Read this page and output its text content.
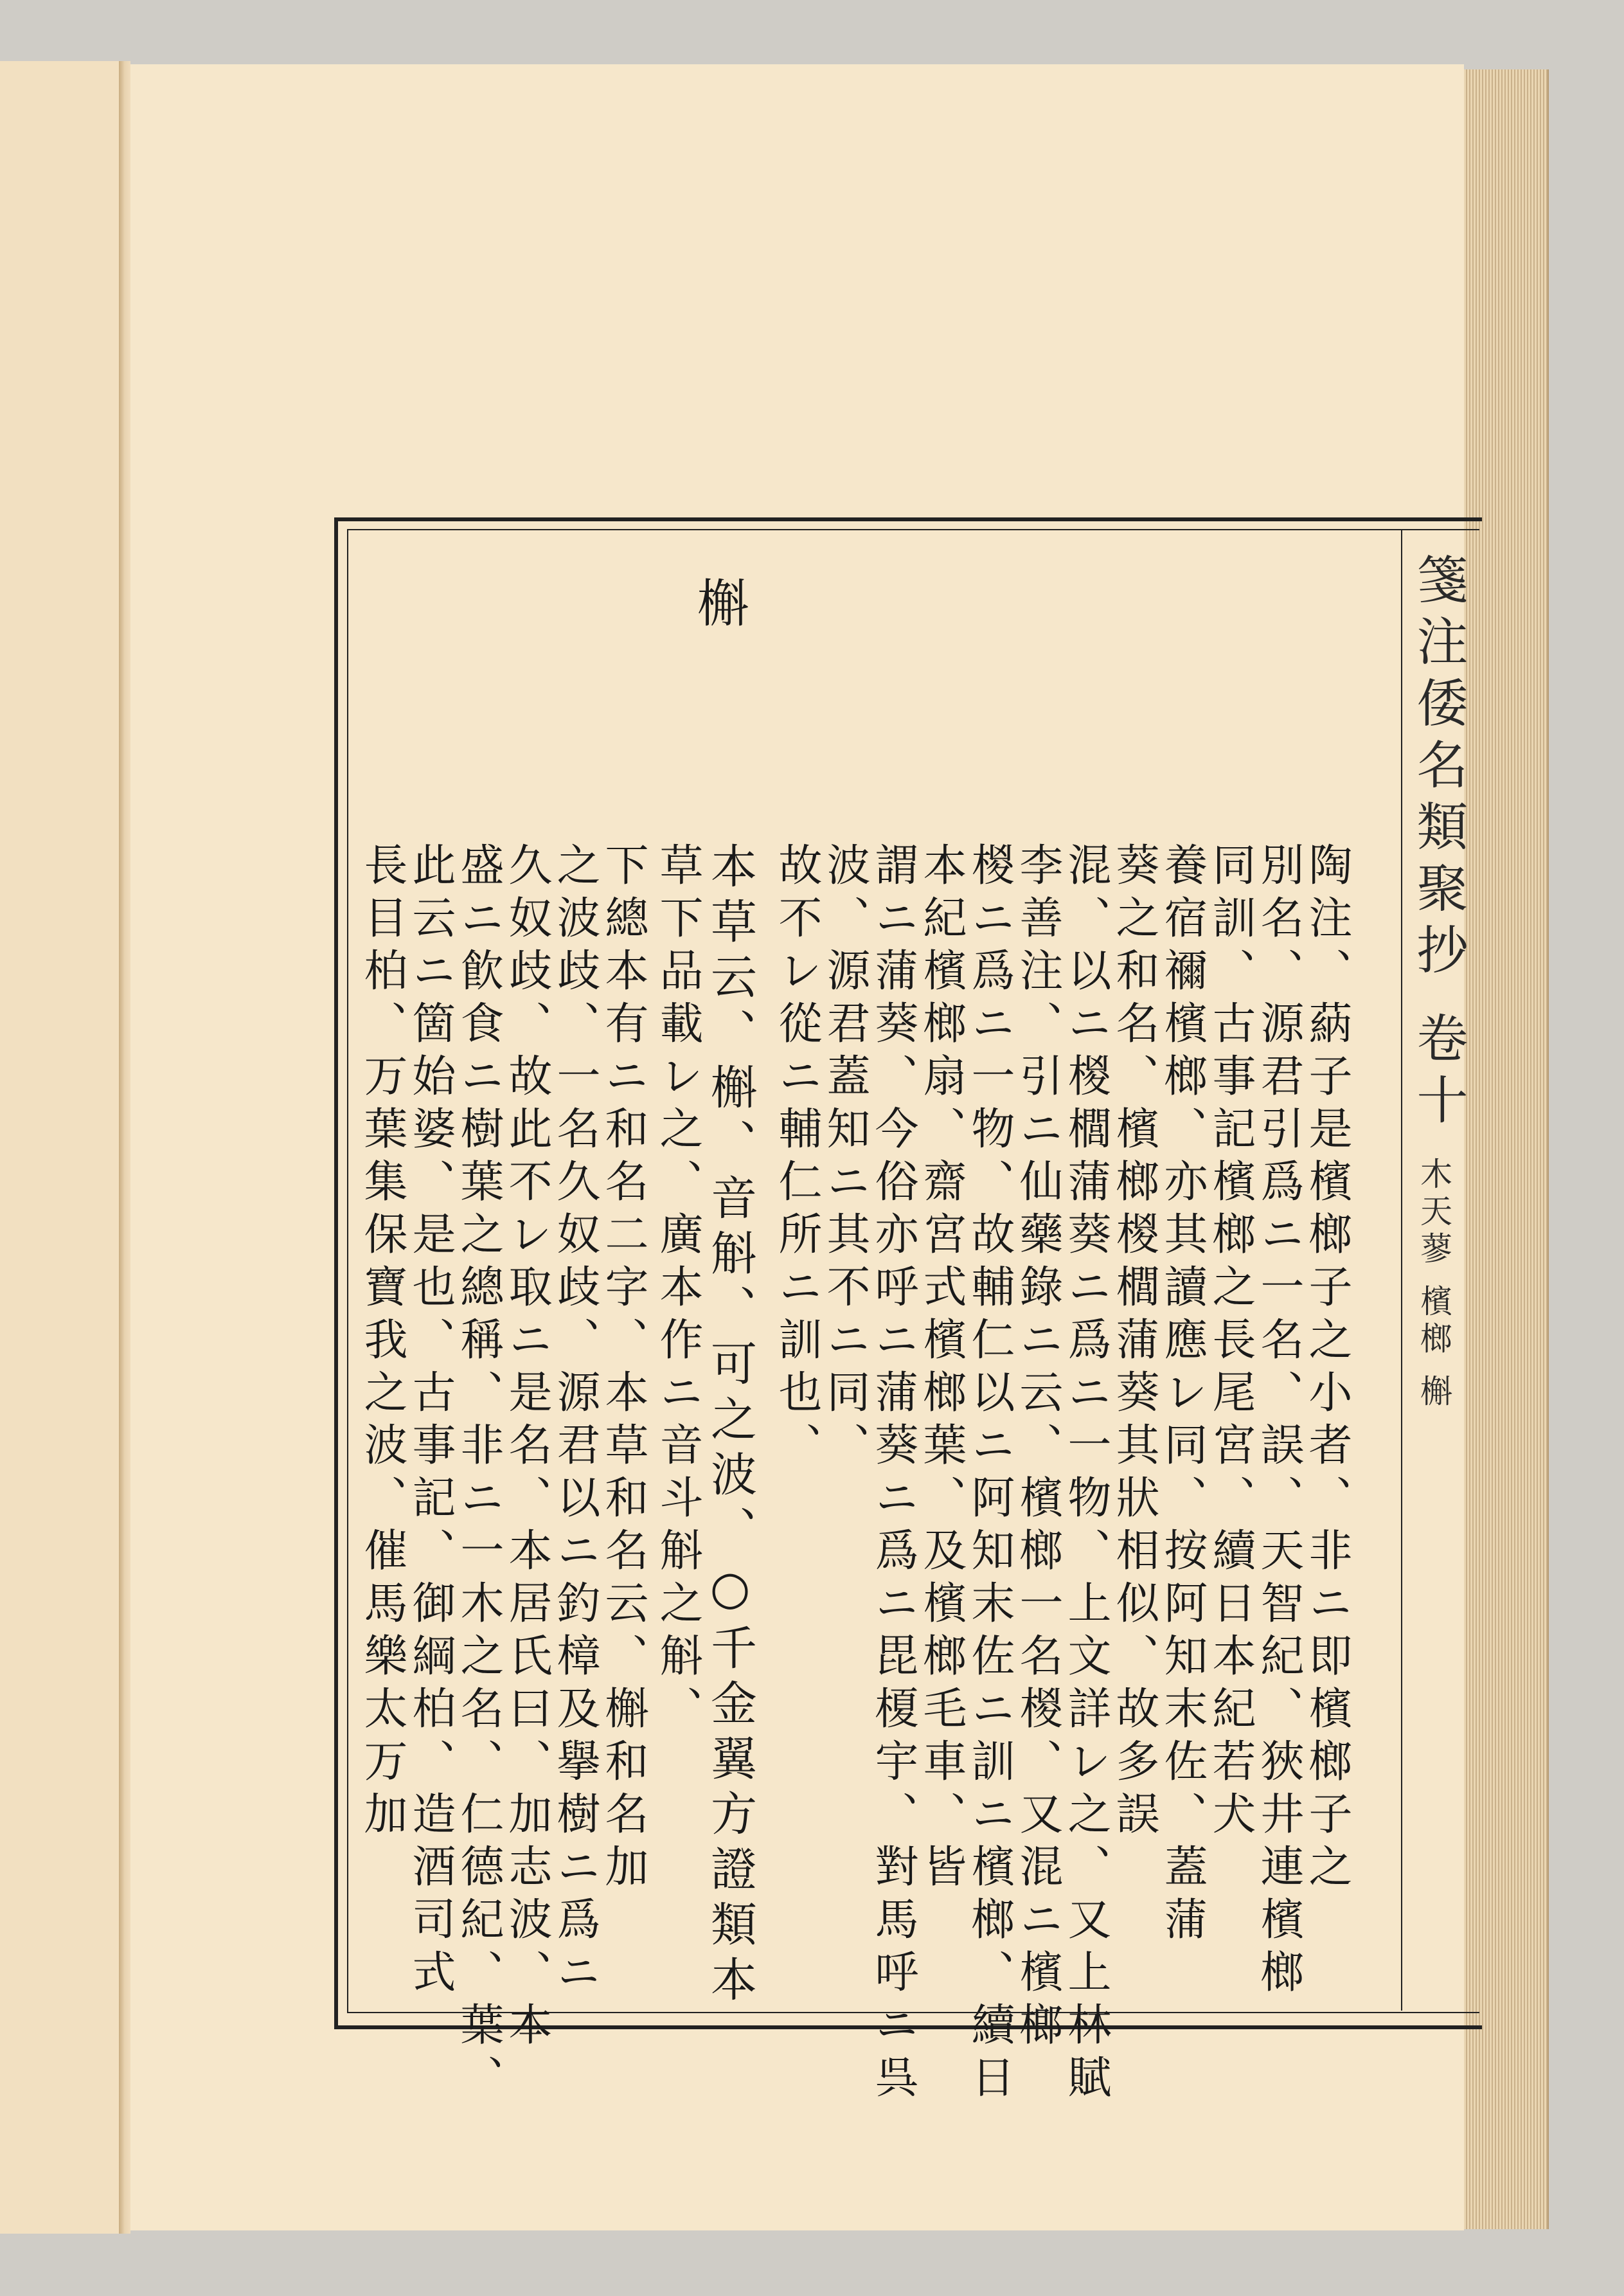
箋注倭名類聚抄 卷十
木天蓼 檳榔 槲
槲
陶注、蒳子是檳榔子之小者、非ニ即檳榔子之
別名、源君引爲ニ一名、誤、天智紀、狹井連檳榔
同訓、古事記檳榔之長尾宮、續日本紀若犬
養宿禰檳榔、亦其讀應レ同、按阿知末佐、蓋蒲
葵之和名、檳榔椶櫚蒲葵其狀相似、故多誤
混、以ニ椶櫚蒲葵ニ爲ニ一物、上文詳レ之、又上林賦
李善注、引ニ仙藥錄ニ云、檳榔一名椶、又混ニ檳榔
椶ニ爲ニ一物、故輔仁以ニ阿知末佐ニ訓ニ檳榔、續日
本紀檳榔扇、齋宮式檳榔葉、及檳榔毛車、皆
謂ニ蒲葵、今俗亦呼ニ蒲葵ニ爲ニ毘榎宇、對馬呼ニ呉
波、源君蓋知ニ其不ニ同、
故不レ從ニ輔仁所ニ訓也、
本草云、槲、音斛、可之波、○千金翼方證類本
草下品載レ之、廣本作ニ音斗斛之斛、
下總本有ニ和名二字、本草和名云、槲和名加
之波歧、一名久奴歧、源君以ニ釣樟及擧樹ニ爲ニ
久奴歧、故此不レ取ニ是名、本居氏曰、加志波、本
盛ニ飮食ニ樹葉之總稱、非ニ一木之名、仁德紀、葉、
此云ニ箇始婆、是也、古事記、御綱柏、造酒司式
長目柏、万葉集保寶我之波、催馬樂太万加
